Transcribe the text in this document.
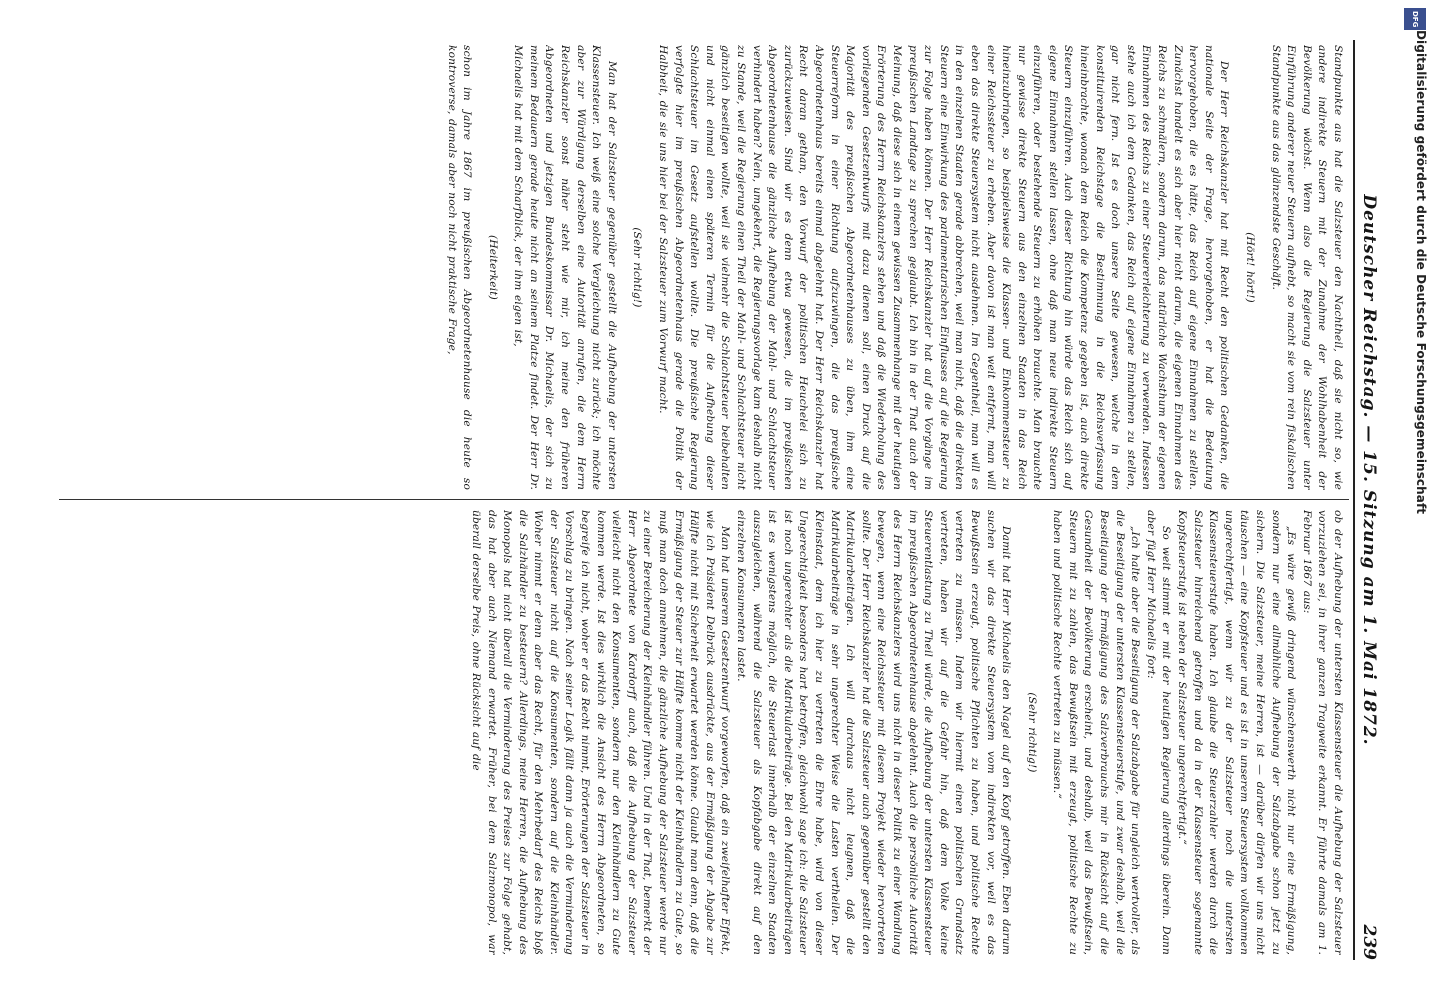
Deutscher Reichstag. — 15. Sitzung am 1. Mai 1872.
239

Standpunkte aus hat die Salzsteuer den Nachtheil, daß sie nicht so, wie andere indirekte Steuern mit der Zunahme der Wohlhabenheit der Bevölkerung wächst. Wenn also die Regierung die Salzsteuer unter Einführung anderer neuer Steuern aufhebt, so macht sie vom rein fiskalischen Standpunkte aus das glänzendste Geschäft.

(Hört! hört!)

Der Herr Reichskanzler hat mit Recht den politischen Gedanken, die nationale Seite der Frage, hervorgehoben, er hat die Bedeutung hervorgehoben, die es hätte, das Reich auf eigene Einnahmen zu stellen. Zunächst handelt es sich aber hier nicht darum, die eigenen Einnahmen des Reichs zu schmälern, sondern darum, das natürliche Wachsthum der eigenen Einnahmen des Reichs zu einer Steuererleichterung zu verwenden. Indessen stehe auch ich dem Gedanken, das Reich auf eigene Einnahmen zu stellen, gar nicht fern. Ist es doch unsere Seite gewesen, welche in dem konstituirenden Reichstage die Bestimmung in die Reichsverfassung hineinbrachte, wonach dem Reich die Kompetenz gegeben ist, auch direkte Steuern einzuführen. Auch dieser Richtung hin würde das Reich sich auf eigene Einnahmen stellen lassen, ohne daß man neue indirekte Steuern einzuführen, oder bestehende Steuern zu erhöhen brauchte. Man brauchte nur gewisse direkte Steuern aus den einzelnen Staaten in das Reich hineinzubringen, so beispielsweise die Klassen- und Einkommensteuer zu einer Reichssteuer zu erheben. Aber davon ist man weit entfernt, man will eben das direkte Steuersystem nicht ausdehnen. Im Gegentheil, man will es in den einzelnen Staaten gerade abbrechen, weil man nicht, daß die direkten Steuern eine Einwirkung des parlamentarischen Einflusses auf die Regierung zur Folge haben können. Der Herr Reichskanzler hat auf die Vorgänge im preußischen Landtage zu sprechen geglaubt. Ich bin in der That auch der Meinung, daß diese sich in einem gewissen Zusammenhange mit der heutigen Erörterung des Herrn Reichskanzlers stehen und daß die Wiederholung des vorliegenden Gesetzentwurfs mit dazu dienen soll, einen Druck auf die Majorität des preußischen Abgeordnetenhauses zu üben, ihm eine Steuerreform in einer Richtung aufzuzwingen, die das preußische Abgeordnetenhaus bereits einmal abgelehnt hat. Der Herr Reichskanzler hat Recht daran gethan, den Vorwurf der politischen Heuchelei sich zu zurückzuweisen. Sind wir es denn etwa gewesen, die im preußischen Abgeordnetenhause die gänzliche Aufhebung der Mahl- und Schlachtsteuer verhindert haben? Nein, umgekehrt, die Regierungsvorlage kam deshalb nicht zu Stande, weil die Regierung einen Theil der Mahl- und Schlachtsteuer nicht gänzlich beseitigen wollte, weil sie vielmehr die Schlachtsteuer beibehalten und nicht einmal einen späteren Termin für die Aufhebung dieser Schlachtsteuer im Gesetz aufstellen wollte. Die preußische Regierung verfolgte hier im preußischen Abgeordnetenhaus gerade die Politik der Halbheit, die sie uns hier bei der Salzsteuer zum Vorwurf macht.

(Sehr richtig!)

Man hat der Salzsteuer gegenüber gestellt die Aufhebung der untersten Klassensteuer. Ich weiß eine solche Vergleichung nicht zurück; ich möchte aber zur Würdigung derselben eine Autorität anrufen, die dem Herrn Reichskanzler sonst näher steht wie mir, ich meine den früheren Abgeordneten und jetzigen Bundeskommissar Dr. Michaelis, der sich zu meinem Bedauern gerade heute nicht an seinem Platze findet. Der Herr Dr. Michaelis hat mit dem Scharfblick, der ihm eigen ist,

(Heiterkeit)

schon im Jahre 1867 im preußischen Abgeordnetenhause die heute so kontroverse, damals aber noch nicht praktische Frage,

ob der Aufhebung der untersten Klassensteuer die Aufhebung der Salzsteuer vorzuziehen sei, in ihrer ganzen Tragweite erkannt. Er führte damals am 1. Februar 1867 aus:

„Es wäre gewiß dringend wünschenswerth nicht nur eine Ermäßigung, sondern nur eine allmähliche Aufhebung der Salzabgabe schon jetzt zu sichern. Die Salzsteuer, meine Herren, ist — darüber dürfen wir uns nicht täuschen — eine Kopfsteuer und es ist in unserem Steuersystem vollkommen ungerechtfertigt, wenn wir zu der Salzsteuer noch die untersten Klassensteuerstufe haben. Ich glaube die Steuerzahler werden durch die Salzsteuer hinreichend getroffen und da in der Klassensteuer sogenannte Kopfsteuerstufe ist neben der Salzsteuer ungerechtfertigt.“

So weit stimmt er mit der heutigen Regierung allerdings überein. Dann aber fügt Herr Michaelis fort:

„Ich halte aber die Beseitigung der Salzabgabe für ungleich wertvoller, als die Beseitigung der untersten Klassensteuerstufe, und zwar deshalb, weil die Beseitigung der Ermäßigung des Salzverbrauchs mir in Rücksicht auf die Gesundheit der Bevölkerung erscheint, und deshalb, weil das Bewußtsein, Steuern mit zu zahlen, das Bewußtsein mit erzeugt, politische Rechte zu haben und politische Rechte vertreten zu müssen.“

(Sehr richtig!)

Damit hat Herr Michaelis den Nagel auf den Kopf getroffen. Eben darum suchen wir das direkte Steuersystem vom indirekten vor, weil es das Bewußtsein erzeugt, politische Pflichten zu haben, und politische Rechte vertreten zu müssen. Indem wir hiermit einen politischen Grundsatz vertreten, haben wir auf die Gefahr hin, daß dem Volke keine Steuerentlastung zu Theil würde, die Aufhebung der untersten Klassensteuer im preußischen Abgeordnetenhause abgelehnt. Auch die persönliche Autorität des Herrn Reichskanzlers wird uns nicht in dieser Politik zu einer Wandlung bewegen, wenn eine Reichssteuer mit diesem Projekt wieder hervortreten sollte. Der Herr Reichskanzler hat die Salzsteuer auch gegenüber gestellt den Matrikularbeiträgen. Ich will durchaus nicht leugnen, daß die Matrikularbeiträge in sehr ungerechter Weise die Lasten vertheilen. Der Kleinstaat, dem ich hier zu vertreten die Ehre habe, wird von dieser Ungerechtigkeit besonders hart betroffen, gleichwohl sage ich: die Salzsteuer ist noch ungerechter als die Matrikularbeiträge. Bei den Matrikularbeiträgen ist es wenigstens möglich, die Steuerlast innerhalb der einzelnen Staaten auszugleichen, während die Salzsteuer als Kopfabgabe direkt auf den einzelnen Konsumenten lastet.

Man hat unserem Gesetzentwurf vorgeworfen, daß ein zweifelhafter Effekt, wie ich Präsident Delbrück ausdrückte, aus der Ermäßigung der Abgabe zur Hälfte nicht mit Sicherheit erwartet werden könne. Glaubt man denn, daß die Ermäßigung der Steuer zur Hälfte komme nicht der Kleinhändlern zu Gute, so muß man doch annehmen, die gänzliche Aufhebung der Salzsteuer werde nur zu einer Bereicherung der Kleinhändler führen. Und in der That, bemerkt der Herr Abgeordnete von Kardorff auch, daß die Aufhebung der Salzsteuer vielleicht nicht den Konsumenten, sondern nur den Kleinhändlern zu Gute kommen werde. Ist dies wirklich die Ansicht des Herrn Abgeordneten, so begreife ich nicht, woher er das Recht nimmt, Erörterungen der Salzsteuer in Vorschlag zu bringen. Nach seiner Logik fällt dann ja auch die Verminderung der Salzsteuer nicht auf die Konsumenten, sondern auf die Kleinhändler. Woher nimmt er denn aber das Recht, für den Mehrbedarf des Reichs bloß die Salzhändler zu besteuern? Allerdings, meine Herren, die Aufhebung des Monopols hat nicht überall die Verminderung des Preises zur Folge gehabt, das hat aber auch Niemand erwartet. Früher, bei dem Salzmonopol, war überall derselbe Preis, ohne Rücksicht auf die

DFG
Digitalisierung gefördert durch die Deutsche Forschungsgemeinschaft
